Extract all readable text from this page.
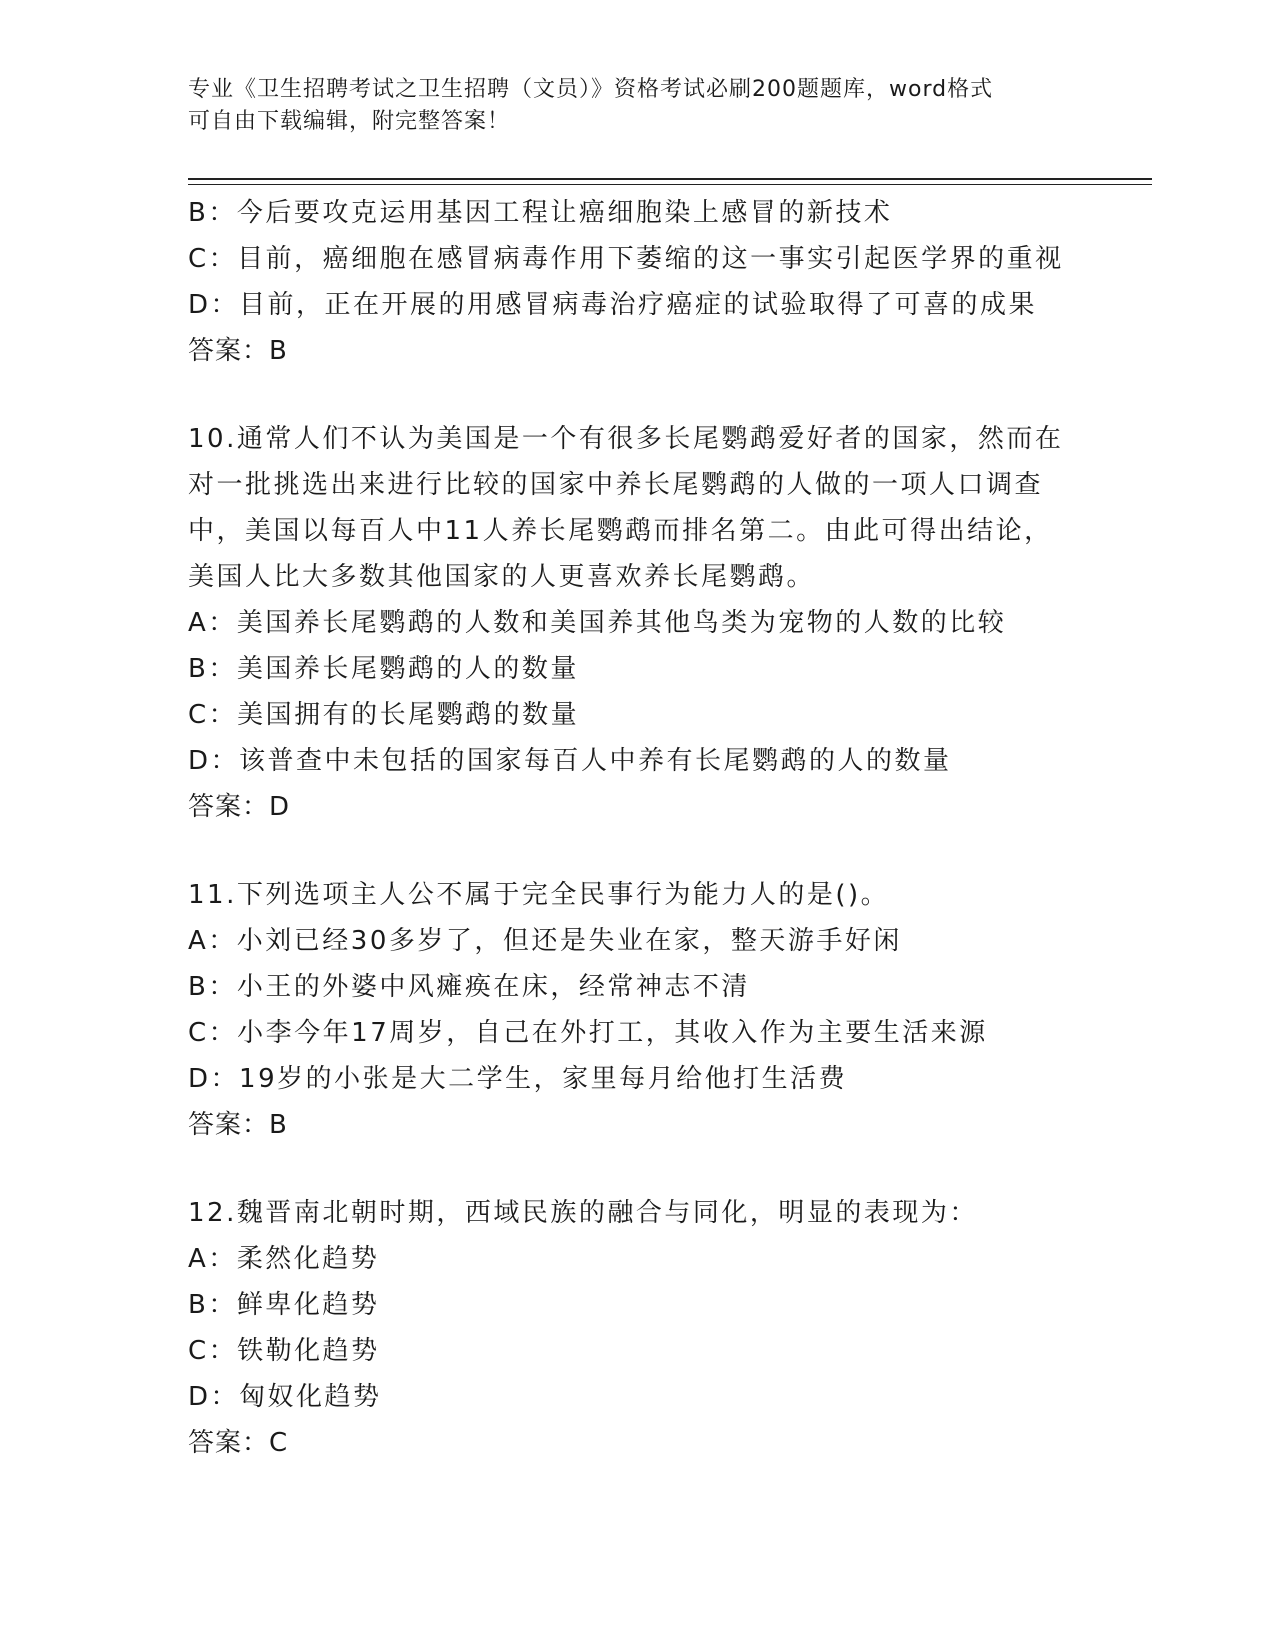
专业《卫生招聘考试之卫生招聘（文员）》资格考试必刷200题题库，word格式
可自由下载编辑，附完整答案！
B：今后要攻克运用基因工程让癌细胞染上感冒的新技术
C：目前，癌细胞在感冒病毒作用下萎缩的这一事实引起医学界的重视
D：目前，正在开展的用感冒病毒治疗癌症的试验取得了可喜的成果
答案：B
10.通常人们不认为美国是一个有很多长尾鹦鹉爱好者的国家，然而在
对一批挑选出来进行比较的国家中养长尾鹦鹉的人做的一项人口调查
中，美国以每百人中11人养长尾鹦鹉而排名第二。由此可得出结论，
美国人比大多数其他国家的人更喜欢养长尾鹦鹉。
A：美国养长尾鹦鹉的人数和美国养其他鸟类为宠物的人数的比较
B：美国养长尾鹦鹉的人的数量
C：美国拥有的长尾鹦鹉的数量
D：该普查中未包括的国家每百人中养有长尾鹦鹉的人的数量
答案：D
11.下列选项主人公不属于完全民事行为能力人的是()。
A：小刘已经30多岁了，但还是失业在家，整天游手好闲
B：小王的外婆中风瘫痪在床，经常神志不清
C：小李今年17周岁，自己在外打工，其收入作为主要生活来源
D：19岁的小张是大二学生，家里每月给他打生活费
答案：B
12.魏晋南北朝时期，西域民族的融合与同化，明显的表现为：
A：柔然化趋势
B：鲜卑化趋势
C：铁勒化趋势
D：匈奴化趋势
答案：C
